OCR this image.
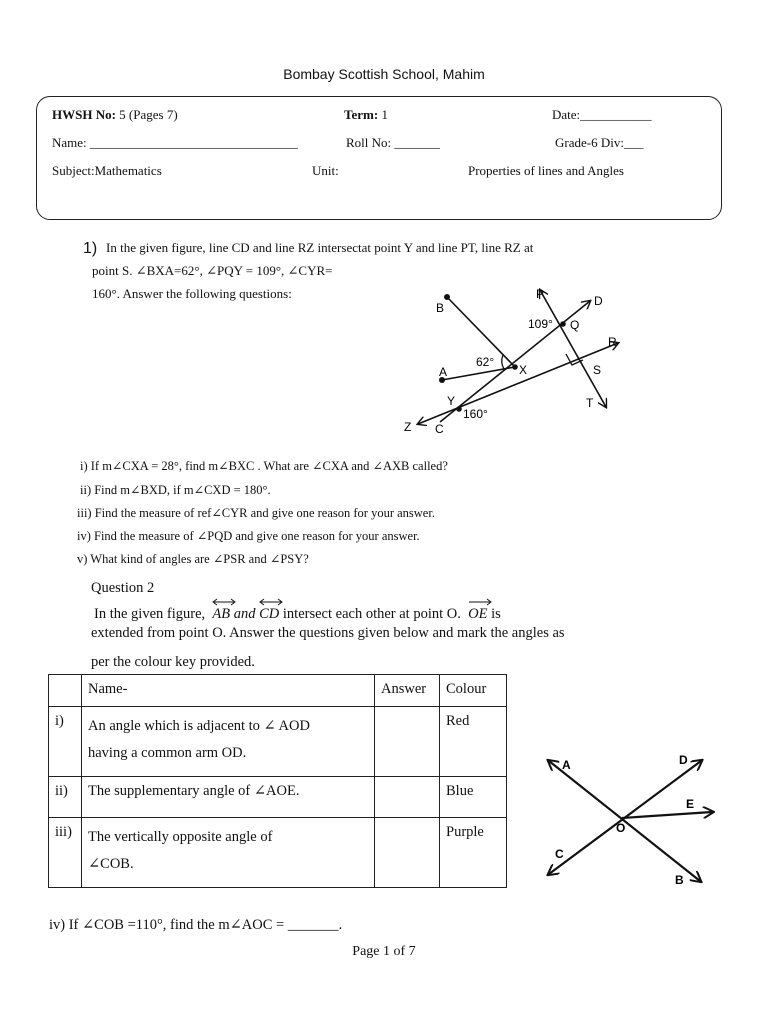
Bombay Scottish School, Mahim
HWSH No: 5 (Pages 7)	Term: 1	Date:___________
Name: ________________________________	Roll No: _______	Grade-6 Div:___
Subject:Mathematics	Unit:	Properties of lines and Angles
1) In the given figure, line CD and line RZ intersectat point Y and line PT, line RZ at
point S. ∠BXA=62°, ∠PQY = 109°, ∠CYR=
160°. Answer the following questions:	P	D
B
Q
109°
R
62°
X	S
A
Y	T
160°
Z C
i) If m∠CXA = 28°, find m∠BXC . What are ∠CXA and ∠AXB called?
ii) Find m∠BXD, if m∠CXD = 180°.
iii) Find the measure of ref∠CYR and give one reason for your answer.
iv) Find the measure of ∠PQD and give one reason for your answer.
v) What kind of angles are ∠PSR and ∠PSY?
Question 2
In the given figure, AB and CD intersect each other at point O. OE is
extended from point O. Answer the questions given below and mark the angles as
per the colour key provided.
	Name-	Answer	Colour
i)	An angle which is adjacent to ∠ AOD
having a common arm OD.		Red
ii)	The supplementary angle of ∠AOE.		Blue
iii)	The vertically opposite angle of
∠COB.		Purple
A	D
E
O
C
B
iv) If ∠COB =110°, find the m∠AOC = _______.
Page 1 of 7
